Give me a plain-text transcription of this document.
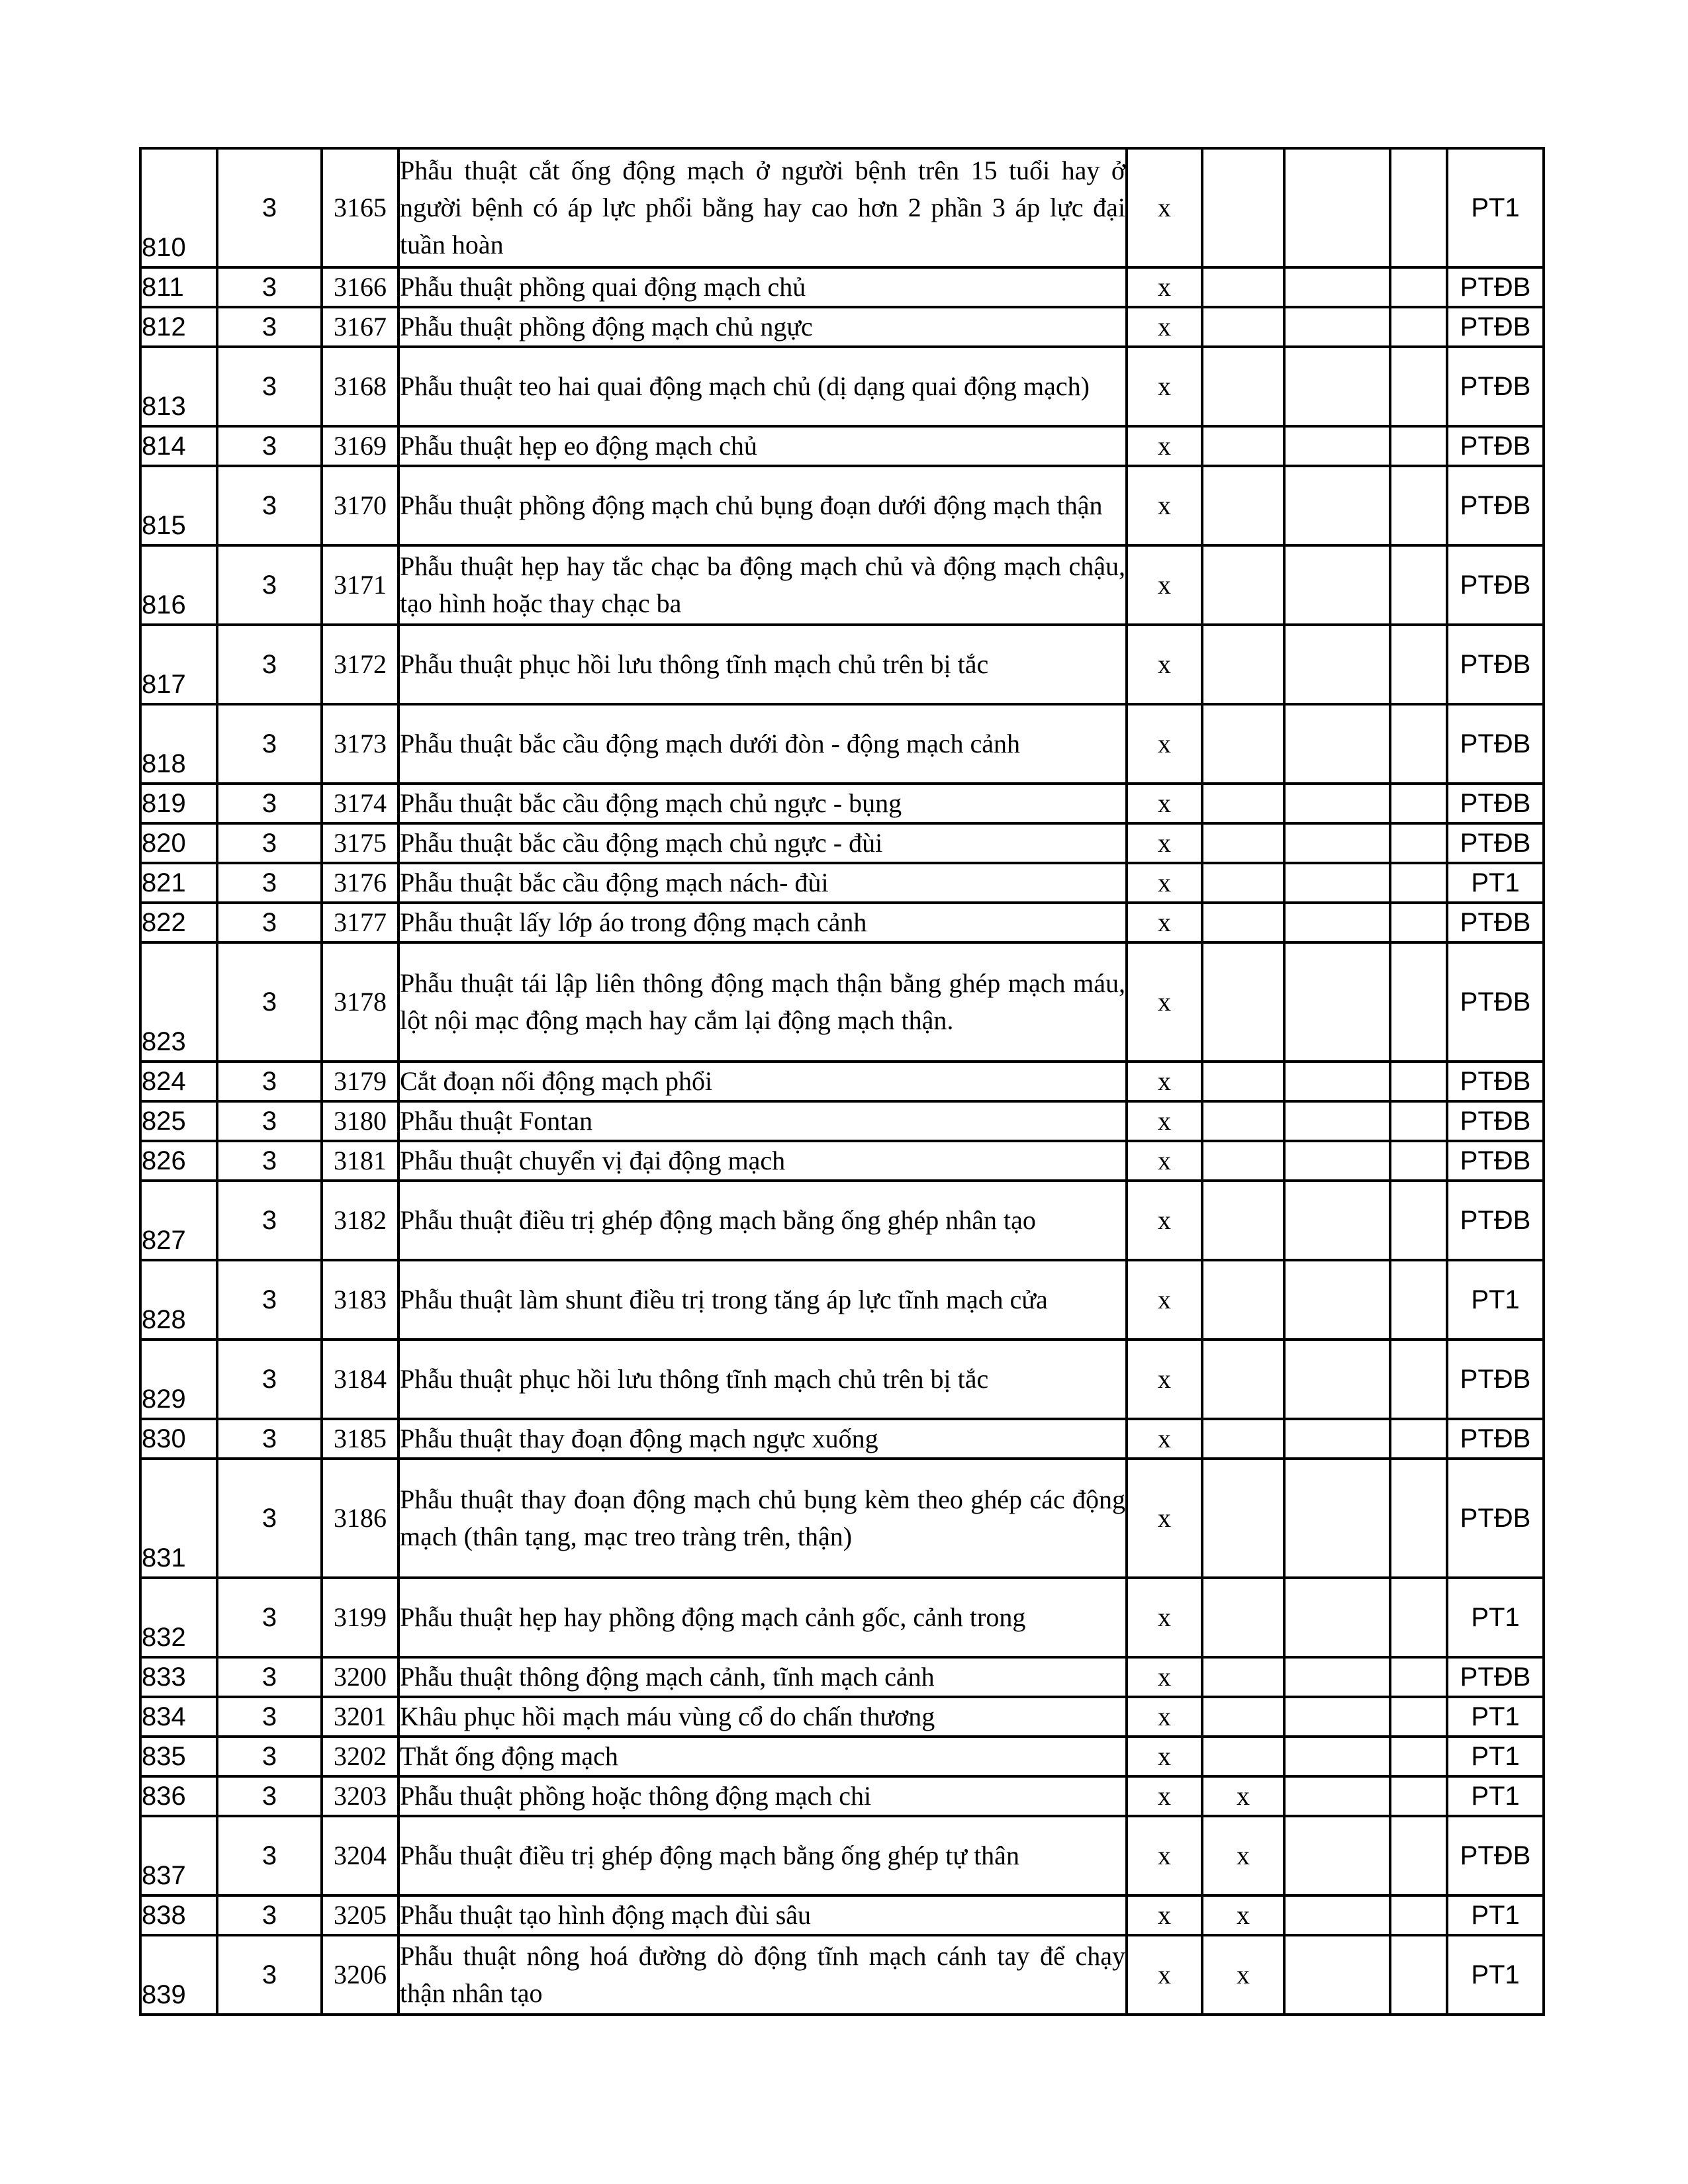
810	3	3165	Phẫu thuật cắt ống động mạch ở người bệnh trên 15 tuổi hay ở người bệnh có áp lực phổi bằng hay cao hơn 2 phần 3 áp lực đại tuần hoàn	x				PT1
811	3	3166	Phẫu thuật phồng quai động mạch chủ	x				PTĐB
812	3	3167	Phẫu thuật phồng động mạch chủ ngực	x				PTĐB
813	3	3168	Phẫu thuật teo hai quai động mạch chủ (dị dạng quai động mạch)	x				PTĐB
814	3	3169	Phẫu thuật hẹp eo động mạch chủ	x				PTĐB
815	3	3170	Phẫu thuật phồng động mạch chủ bụng đoạn dưới động mạch thận	x				PTĐB
816	3	3171	Phẫu thuật hẹp hay tắc chạc ba động mạch chủ và động mạch chậu, tạo hình hoặc thay chạc ba	x				PTĐB
817	3	3172	Phẫu thuật phục hồi lưu thông tĩnh mạch chủ trên bị tắc	x				PTĐB
818	3	3173	Phẫu thuật bắc cầu động mạch dưới đòn - động mạch cảnh	x				PTĐB
819	3	3174	Phẫu thuật bắc cầu động mạch chủ ngực - bụng	x				PTĐB
820	3	3175	Phẫu thuật bắc cầu động mạch chủ ngực - đùi	x				PTĐB
821	3	3176	Phẫu thuật bắc cầu động mạch nách- đùi	x				PT1
822	3	3177	Phẫu thuật lấy lớp áo trong động mạch cảnh	x				PTĐB
823	3	3178	Phẫu thuật tái lập liên thông động mạch thận bằng ghép mạch máu, lột nội mạc động mạch hay cắm lại động mạch thận.	x				PTĐB
824	3	3179	Cắt đoạn nối động mạch phổi	x				PTĐB
825	3	3180	Phẫu thuật Fontan	x				PTĐB
826	3	3181	Phẫu thuật chuyển vị đại động mạch	x				PTĐB
827	3	3182	Phẫu thuật điều trị ghép động mạch bằng ống ghép nhân tạo	x				PTĐB
828	3	3183	Phẫu thuật làm shunt điều trị trong tăng áp lực tĩnh mạch cửa	x				PT1
829	3	3184	Phẫu thuật phục hồi lưu thông tĩnh mạch chủ trên bị tắc	x				PTĐB
830	3	3185	Phẫu thuật thay đoạn động mạch ngực xuống	x				PTĐB
831	3	3186	Phẫu thuật thay đoạn động mạch chủ bụng kèm theo ghép các động mạch (thân tạng, mạc treo tràng trên, thận)	x				PTĐB
832	3	3199	Phẫu thuật hẹp hay phồng động mạch cảnh gốc, cảnh trong	x				PT1
833	3	3200	Phẫu thuật thông động mạch cảnh, tĩnh mạch cảnh	x				PTĐB
834	3	3201	Khâu phục hồi mạch máu vùng cổ do chấn thương	x				PT1
835	3	3202	Thắt ống động mạch	x				PT1
836	3	3203	Phẫu thuật phồng hoặc thông động mạch chi	x	x			PT1
837	3	3204	Phẫu thuật điều trị ghép động mạch bằng ống ghép tự thân	x	x			PTĐB
838	3	3205	Phẫu thuật tạo hình động mạch đùi sâu	x	x			PT1
839	3	3206	Phẫu thuật nông hoá đường dò động tĩnh mạch cánh tay để chạy thận nhân tạo	x	x			PT1
